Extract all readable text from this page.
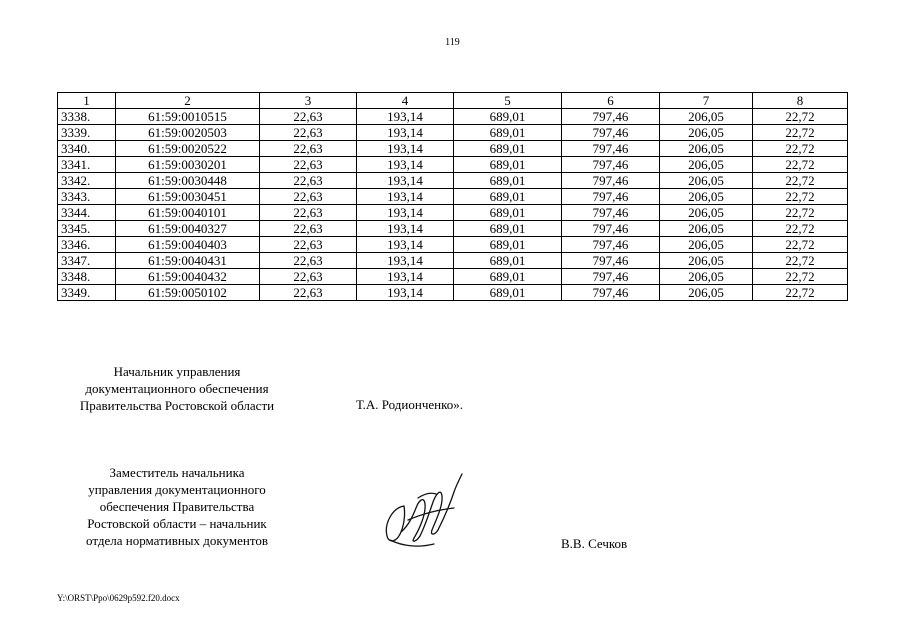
119
1	2	3	4	5	6	7	8
3338.	61:59:0010515	22,63	193,14	689,01	797,46	206,05	22,72
3339.	61:59:0020503	22,63	193,14	689,01	797,46	206,05	22,72
3340.	61:59:0020522	22,63	193,14	689,01	797,46	206,05	22,72
3341.	61:59:0030201	22,63	193,14	689,01	797,46	206,05	22,72
3342.	61:59:0030448	22,63	193,14	689,01	797,46	206,05	22,72
3343.	61:59:0030451	22,63	193,14	689,01	797,46	206,05	22,72
3344.	61:59:0040101	22,63	193,14	689,01	797,46	206,05	22,72
3345.	61:59:0040327	22,63	193,14	689,01	797,46	206,05	22,72
3346.	61:59:0040403	22,63	193,14	689,01	797,46	206,05	22,72
3347.	61:59:0040431	22,63	193,14	689,01	797,46	206,05	22,72
3348.	61:59:0040432	22,63	193,14	689,01	797,46	206,05	22,72
3349.	61:59:0050102	22,63	193,14	689,01	797,46	206,05	22,72
Начальник управления
документационного обеспечения
Правительства Ростовской области	Т.А. Родионченко».
Заместитель начальника
управления документационного
обеспечения Правительства
Ростовской области – начальник
отдела нормативных документов	В.В. Сечков
Y:\ORST\Ppo\0629p592.f20.docx
